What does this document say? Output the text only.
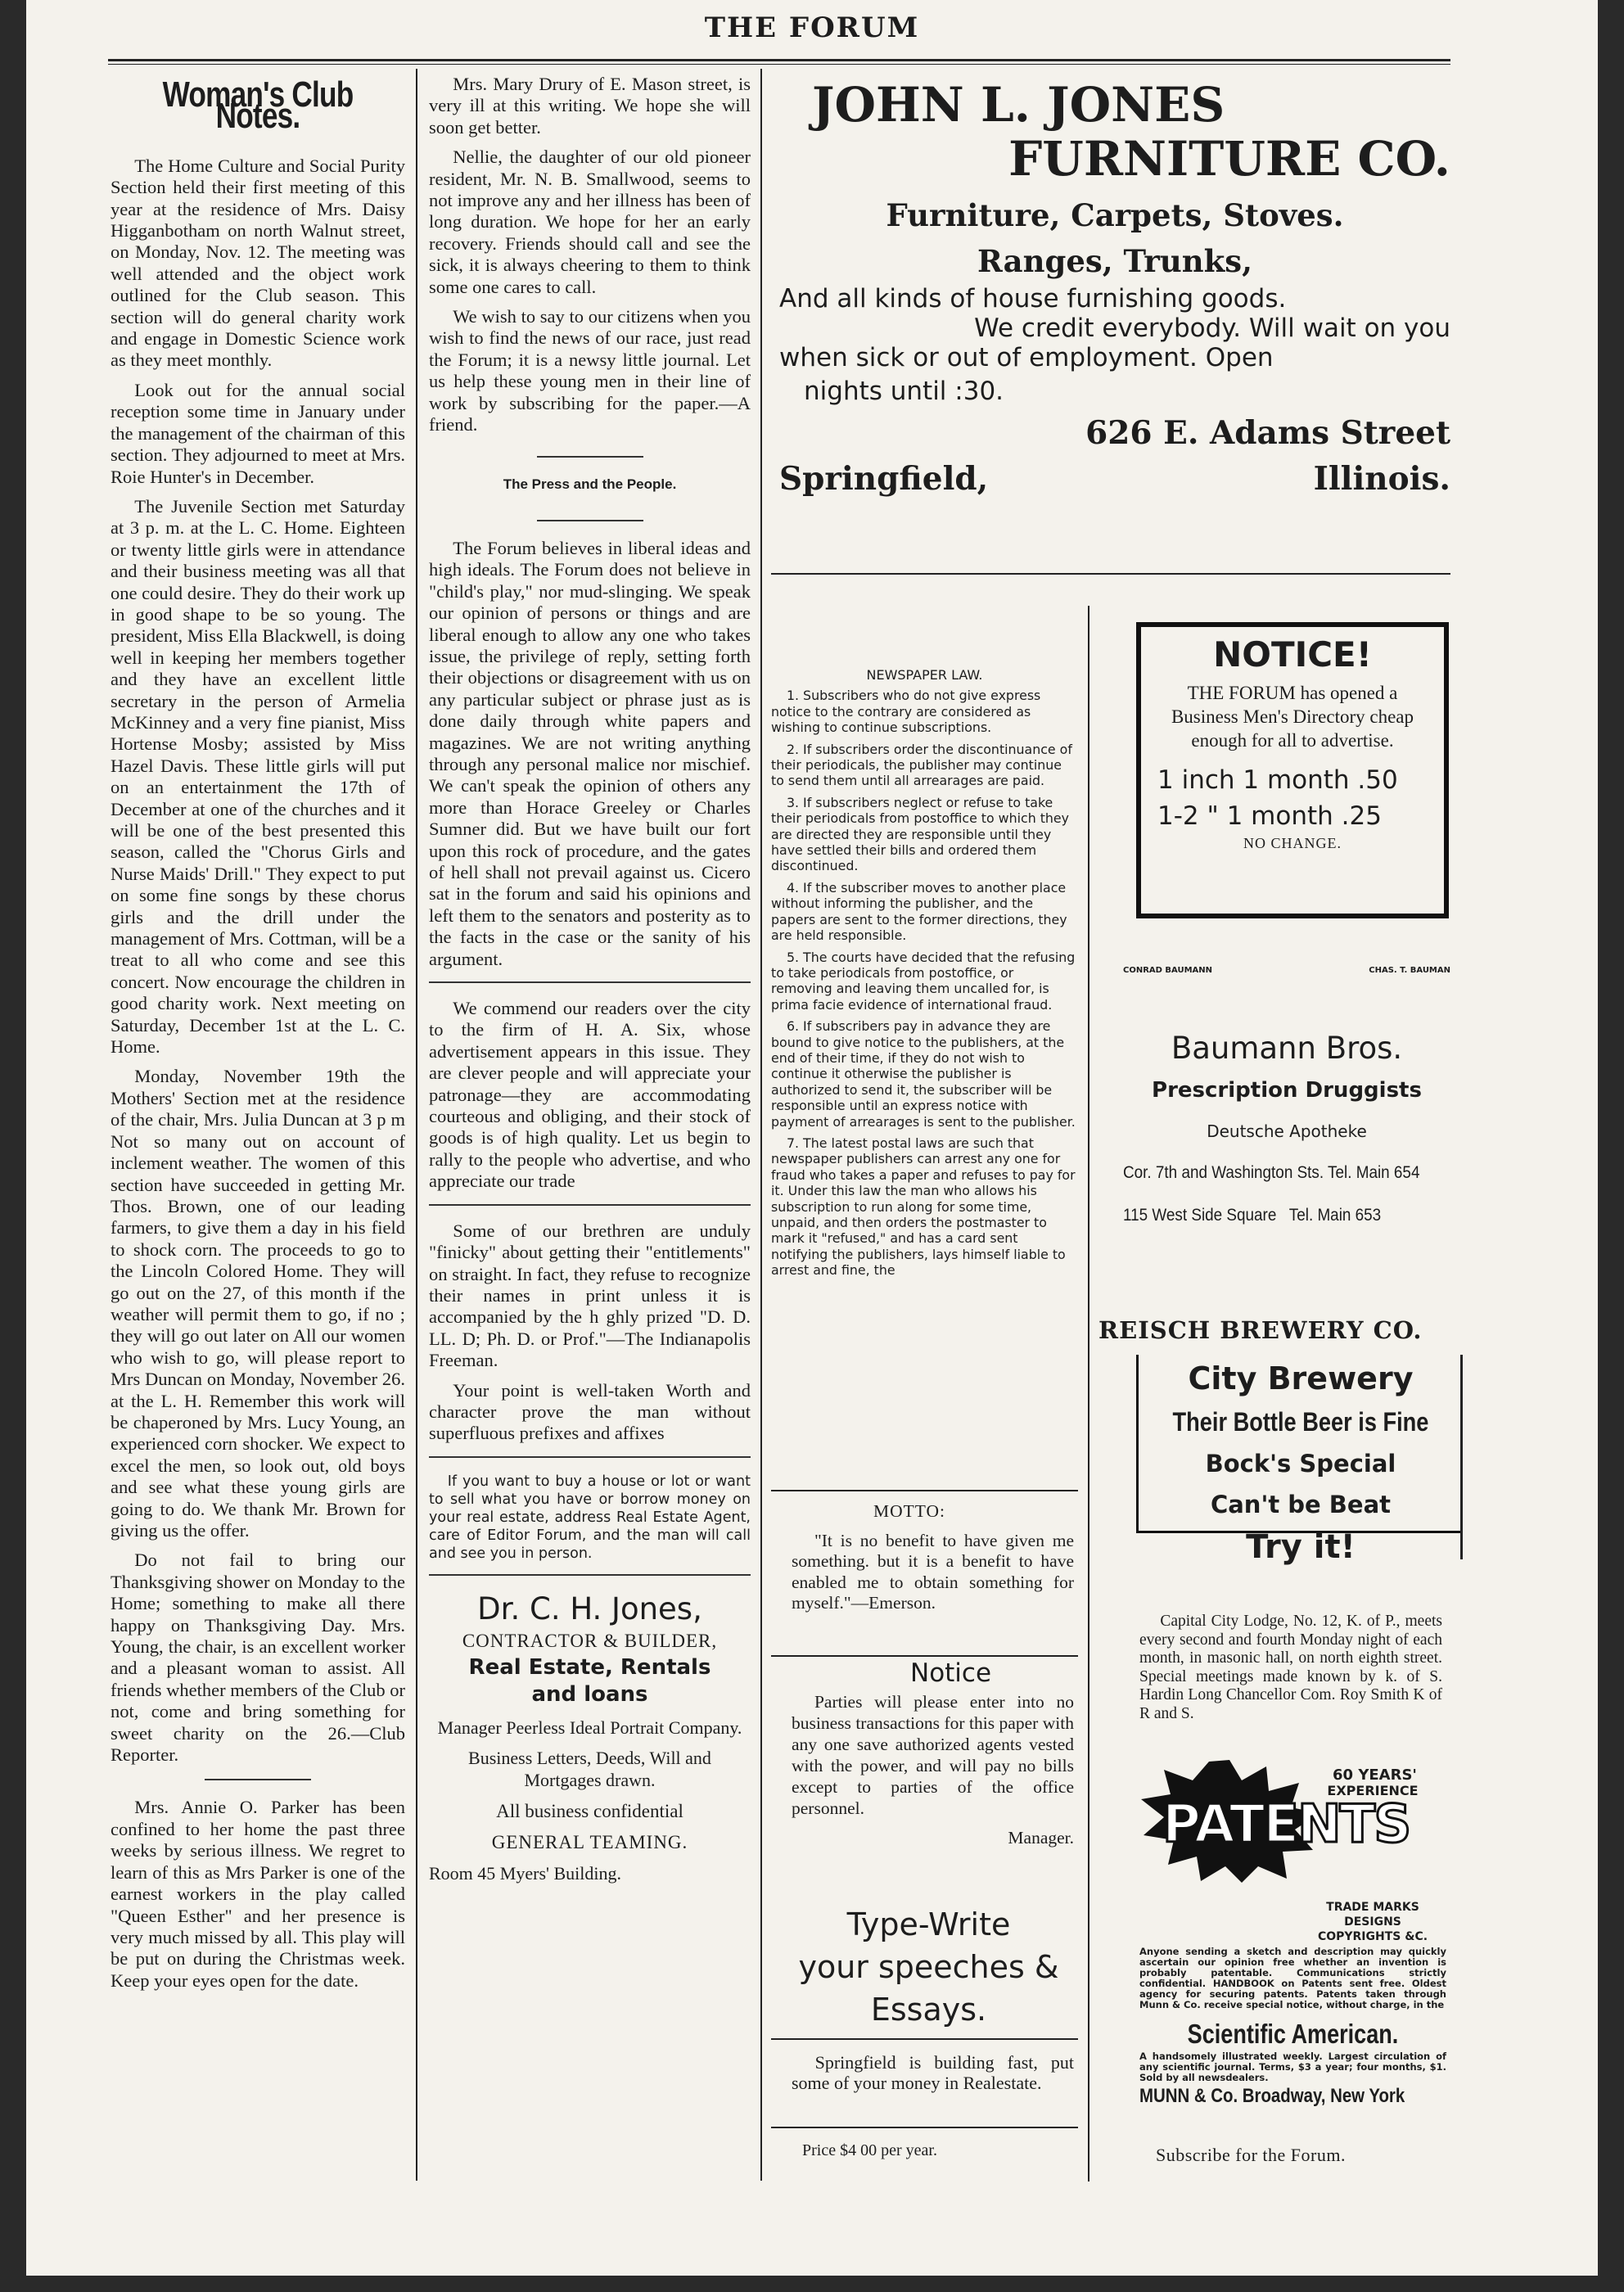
THE FORUM
Woman's Club Notes.

The Home Culture and Social Purity Section held their first meeting of this year at the residence of Mrs. Daisy Higganbotham on north Walnut street, on Monday, Nov. 12. The meeting was well attended and the object work outlined for the Club season. This section will do general charity work and engage in Domestic Science work as they meet monthly.

Look out for the annual social reception some time in January under the management of the chairman of this section. They adjourned to meet at Mrs. Roie Hunter's in December.

The Juvenile Section met Saturday at 3 p. m. at the L. C. Home. Eighteen or twenty little girls were in attendance and their business meeting was all that one could desire. They do their work up in good shape to be so young. The president, Miss Ella Blackwell, is doing well in keeping her members together and they have an excellent little secretary in the person of Armelia McKinney and a very fine pianist, Miss Hortense Mosby; assisted by Miss Hazel Davis. These little girls will put on an entertainment the 17th of December at one of the churches and it will be one of the best presented this season, called the "Chorus Girls and Nurse Maids' Drill." They expect to put on some fine songs by these chorus girls and the drill under the management of Mrs. Cottman, will be a treat to all who come and see this concert. Now encourage the children in good charity work. Next meeting on Saturday, December 1st at the L. C. Home.

Monday, November 19th the Mothers' Section met at the residence of the chair, Mrs. Julia Duncan at 3 p m Not so many out on account of inclement weather. The women of this section have succeeded in getting Mr. Thos. Brown, one of our leading farmers, to give them a day in his field to shock corn. The proceeds to go to the Lincoln Colored Home. They will go out on the 27, of this month if the weather will permit them to go, if no ; they will go out later on All our women who wish to go, will please report to Mrs Duncan on Monday, November 26. at the L. H. Remember this work will be chaperoned by Mrs. Lucy Young, an experienced corn shocker. We expect to excel the men, so look out, old boys and see what these young girls are going to do. We thank Mr. Brown for giving us the offer.

Do not fail to bring our Thanksgiving shower on Monday to the Home; something to make all there happy on Thanksgiving Day. Mrs. Young, the chair, is an excellent worker and a pleasant woman to assist. All friends whether members of the Club or not, come and bring something for sweet charity on the 26.—Club Reporter.

Mrs. Annie O. Parker has been confined to her home the past three weeks by serious illness. We regret to learn of this as Mrs Parker is one of the earnest workers in the play called "Queen Esther" and her presence is very much missed by all. This play will be put on during the Christmas week. Keep your eyes open for the date.

Mrs. Mary Drury of E. Mason street, is very ill at this writing. We hope she will soon get better.

Nellie, the daughter of our old pioneer resident, Mr. N. B. Smallwood, seems to not improve any and her illness has been of long duration. We hope for her an early recovery. Friends should call and see the sick, it is always cheering to them to think some one cares to call.

We wish to say to our citizens when you wish to find the news of our race, just read the Forum; it is a newsy little journal. Let us help these young men in their line of work by subscribing for the paper.—A friend.

The Press and the People.

The Forum believes in liberal ideas and high ideals. The Forum does not believe in "child's play," nor mud-slinging. We speak our opinion of persons or things and are liberal enough to allow any one who takes issue, the privilege of reply, setting forth their objections or disagreement with us on any particular subject or phrase just as is done daily through white papers and magazines. We are not writing anything through any personal malice nor mischief. We can't speak the opinion of others any more than Horace Greeley or Charles Sumner did. But we have built our fort upon this rock of procedure, and the gates of hell shall not prevail against us. Cicero sat in the forum and said his opinions and left them to the senators and posterity as to the facts in the case or the sanity of his argument.

We commend our readers over the city to the firm of H. A. Six, whose advertisement appears in this issue. They are clever people and will appreciate your patronage—they are accommodating courteous and obliging, and their stock of goods is of high quality. Let us begin to rally to the people who advertise, and who appreciate our trade

Some of our brethren are unduly "finicky" about getting their "entitlements" on straight. In fact, they refuse to recognize their names in print unless it is accompanied by the h ghly prized "D. D. LL. D; Ph. D. or Prof."—The Indianapolis Freeman.

Your point is well-taken Worth and character prove the man without superfluous prefixes and affixes

If you want to buy a house or lot or want to sell what you have or borrow money on your real estate, address Real Estate Agent, care of Editor Forum, and the man will call and see you in person.

Dr. C. H. Jones,
CONTRACTOR & BUILDER,
Real Estate, Rentals
and loans
Manager Peerless Ideal Portrait Company.
Business Letters, Deeds, Will and Mortgages drawn.
All business confidential
GENERAL TEAMING.
Room 45 Myers' Building.
JOHN L. JONES
FURNITURE CO.
Furniture, Carpets, Stoves.
Ranges, Trunks,
And all kinds of house furnishing goods.
We credit everybody. Will wait on you
when sick or out of employment. Open
nights until :30.
626 E. Adams Street
Springfield,	Illinois.
NEWSPAPER LAW.

1. Subscribers who do not give express notice to the contrary are considered as wishing to continue subscriptions.

2. If subscribers order the discontinuance of their periodicals, the publisher may continue to send them until all arrearages are paid.

3. If subscribers neglect or refuse to take their periodicals from postoffice to which they are directed they are responsible until they have settled their bills and ordered them discontinued.

4. If the subscriber moves to another place without informing the publisher, and the papers are sent to the former directions, they are held responsible.

5. The courts have decided that the refusing to take periodicals from postoffice, or removing and leaving them uncalled for, is prima facie evidence of international fraud.

6. If subscribers pay in advance they are bound to give notice to the publishers, at the end of their time, if they do not wish to continue it otherwise the publisher is authorized to send it, the subscriber will be responsible until an express notice with payment of arrearages is sent to the publisher.

7. The latest postal laws are such that newspaper publishers can arrest any one for fraud who takes a paper and refuses to pay for it. Under this law the man who allows his subscription to run along for some time, unpaid, and then orders the postmaster to mark it "refused," and has a card sent notifying the publishers, lays himself liable to arrest and fine, the

MOTTO:

"It is no benefit to have given me something. but it is a benefit to have enabled me to obtain something for myself."—Emerson.

Notice

Parties will please enter into no business transactions for this paper with any one save authorized agents vested with the power, and will pay no bills except to parties of the office personnel.

Manager.
Type-Write
your speeches &
Essays.

Springfield is building fast, put some of your money in Realestate.

Price $4 00 per year.
NOTICE!
THE FORUM has opened a Business Men's Directory cheap enough for all to advertise.
1 inch 1 month .50
1-2 " 1 month .25
NO CHANGE.
CONRAD BAUMANN	CHAS. T. BAUMAN
Baumann Bros.
Prescription Druggists
Deutsche Apotheke
Cor. 7th and Washington Sts. Tel. Main 654
115 West Side Square   Tel. Main 653
REISCH BREWERY CO.
City Brewery
Their Bottle Beer is Fine
Bock's Special
Can't be Beat
Try it!

Capital City Lodge, No. 12, K. of P., meets every second and fourth Monday night of each month, in masonic hall, on north eighth street. Special meetings made known by k. of S. Hardin Long Chancellor Com. Roy Smith K of R and S.

60 YEARS'
EXPERIENCE
PATENTS
TRADE MARKS
DESIGNS
COPYRIGHTS &C.
Anyone sending a sketch and description may quickly ascertain our opinion free whether an invention is probably patentable. Communications strictly confidential. HANDBOOK on Patents sent free. Oldest agency for securing patents. Patents taken through Munn & Co. receive special notice, without charge, in the
Scientific American.
A handsomely illustrated weekly. Largest circulation of any scientific journal. Terms, $3 a year; four months, $1. Sold by all newsdealers.
MUNN & Co. Broadway, New York
Subscribe for the Forum.
